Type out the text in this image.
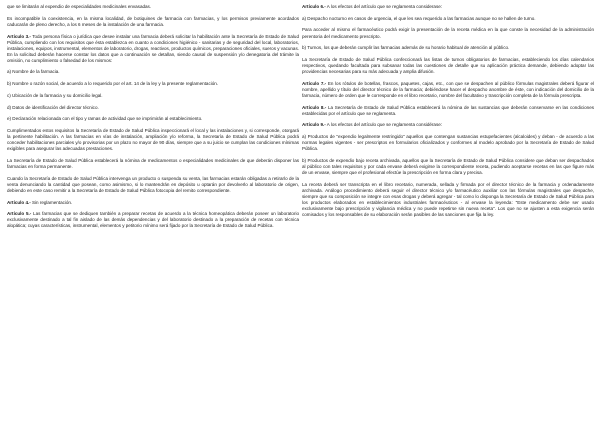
que se limitarán al expendio de especialidades medicinales envasadas.

Es incompatible la coexistencia, en la misma localidad, de botiquines de farmacia con farmacias, y los permisos previamente acordados caducarán de pleno derecho, a los 6 meses de la instalación de una farmacia.

Artículo 3.- Toda persona física o jurídica que desee instalar una farmacia deberá solicitar la habilitación ante la Secretaría de Estado de Salud Pública, cumpliendo con los requisitos que ésta establezca en cuanto a condiciones higiénico - sanitarias y de seguridad del local, laboratorios, instalaciones, equipos, instrumental, elementos de laboratorio, drogas, reactivos, productos químicos, preparaciones oficiales, sueros y vacunas. En la solicitud deberán hacerse constar los datos que a continuación se detallan, siendo causal de suspensión y/o denegatoria del trámite la omisión, no cumplimiento o falsedad de los mismos:

a) Nombre de la farmacia.

b) Nombre o razón social, de acuerdo a lo requerido por el art. 14 de la ley y la presente reglamentación.

c) Ubicación de la farmacia y su domicilio legal.

d) Datos de identificación del director técnico.

e) Declaración relacionada con el tipo y ramas de actividad que se imprimirán al establecimiento.

Cumplimentados estos requisitos la Secretaría de Estado de Salud Pública inspeccionará el local y las instalaciones y, si corresponde, otorgará la pertinente habilitación. A las farmacias en vías de instalación, ampliación y/o reforma, la Secretaría de Estado de Salud Pública podrá conceder habilitaciones parciales y/o provisorias por un plazo no mayor de 90 días, siempre que a su juicio se cumplan las condiciones mínimas exigibles para asegurar las adecuadas prestaciones.

La Secretaría de Estado de Salud Pública establecerá la nómina de medicamentos o especialidades medicinales de que deberán disponer las farmacias en forma permanente.

Cuando la Secretaría de Estado de Salud Pública intervenga un producto o suspenda su venta, las farmacias estarán obligadas a retirarlo de la venta denunciando la cantidad que posean, como asimismo, si lo mantendrán en depósito u optarán por devolverlo al laboratorio de origen, debiendo en este caso remitir a la Secretaría de Estado de Salud Pública fotocopia del remito correspondiente.

Artículo 4.- Sin reglamentación.

Artículo 5.- Las farmacias que se dediquen también a preparar recetas de acuerdo a la técnica homeopática deberán poseer un laboratorio exclusivamente destinado a tal fin aislado de las demás dependencias y del laboratorio destinado a la preparación de recetas con técnica alopática; cuyas características, instrumental, elementos y petitorio mínimo será fijado por la Secretaría de Estado de Salud Pública.

Artículo 6.- A los efectos del artículo que se reglamenta considerase:

a) Despacho nocturno en casos de urgencia, el que les sea requerido a las farmacias aunque no se hallen de turno.

Para acceder al mismo el farmacéutico podrá exigir la presentación de la receta médica en la que conste la necesidad de la administración perentoria del medicamento prescripto.

b) Turnos, los que deberán cumplir las farmacias además de su horario habitual de atención al público.

La Secretaría de Estado de Salud Pública confeccionará las listas de turnos obligatorios de farmacias, estableciendo los días calendarios respectivos, quedando facultada para subsanar todas las cuestiones de detalle que su aplicación práctica demande, debiendo adoptar las providencias necesarias para su más adecuada y amplia difusión.

Artículo 7.- En los rótulos de botellas, frascos, paquetes, cajas, etc., con que se despachen al público fórmulas magistrales deberá figurar el nombre, apellido y título del director técnico de la farmacia; debiéndose hacer el despacho anombre de éste, con indicación del domicilio de la farmacia, número de orden que le corresponde en el libro recetario, nombre del facultativo y trascripción completa de la fórmula prescripta.

Artículo 8.- La Secretaría de Estado de Salud Pública establecerá la nómina de las sustancias que deberán conservarse en las condiciones establecidas por el artículo que se reglamenta.

Artículo 9.- A los efectos del artículo que se reglamenta considérase:

a) Productos de "expendio legalmente restringido" aquellos que contengan sustancias estupefacientes (alcaloides) y deban - de acuerdo a las normas legales vigentes - ser prescriptos en formularios oficializados y conformes al modelo aprobado por la Secretaría de Estado de Salud Pública.

b) Productos de expendio bajo receta archivada, aquellos que la Secretaría de Estado de Salud Pública considere que deban ser despachados al público con tales requisitos y por cada envase deberá exigirse la correspondiente receta, pudiendo aceptarse recetas en las que figure más de un envase, siempre que el profesional efectúe la prescripción en forma clara y precisa.

La receta deberá ser transcripta en el libro recetario, numerada, sellada y firmada por el director técnico de la farmacia y ordenadamente archivada. Análogo procedimiento deberá seguir el director técnico y/o farmacéutico auxiliar con las fórmulas magistrales que despache, siempre que su composición se integre con esas drogas y deberá agregar - tal como lo disponga la Secretaría de Estado de Salud Pública para los productos elaborados en establecimientos industriales farmacéuticos - al envase la leyenda: "Este medicamento debe ser usado exclusivamente bajo prescripción y vigilancia médica y no puede repetirse sin nueva receta". Los que no se ajusten a esta exigencia serán comisados y los responsables de su elaboración serán pasibles de las sanciones que fija la ley.
